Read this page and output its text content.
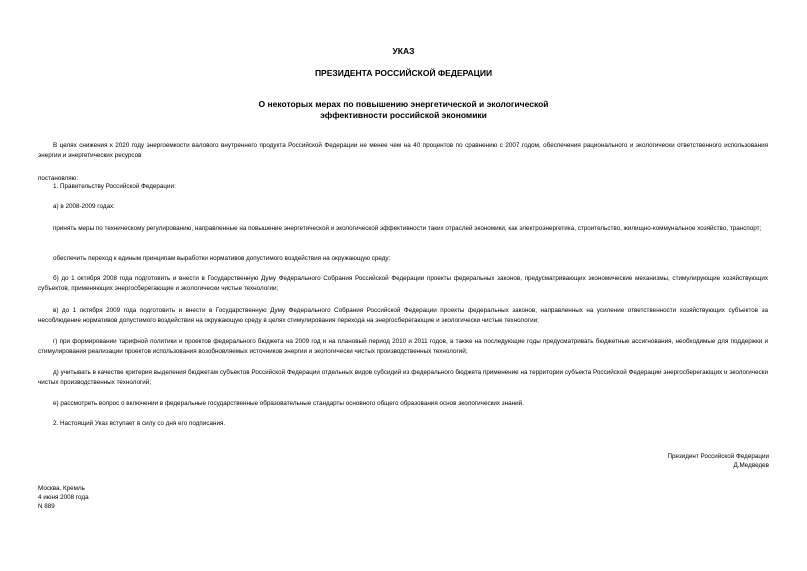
УКАЗ
ПРЕЗИДЕНТА РОССИЙСКОЙ ФЕДЕРАЦИИ
О некоторых мерах по повышению энергетической и экологической
эффективности российской экономики

В целях снижения к 2020 году энергоемкости валового внутреннего продукта Российской Федерации не менее чем на 40 процентов по сравнению с 2007 годом, обеспечения рационального и экологически ответственного использования энергии и энергетических ресурсов

постановляю:
1. Правительству Российской Федерации:
а) в 2008-2009 годах:

принять меры по техническому регулированию, направленные на повышение энергетической и экологической эффективности таких отраслей экономики, как электроэнергетика, строительство, жилищно-коммунальное хозяйство, транспорт;

обеспечить переход к единым принципам выработки нормативов допустимого воздействия на окружающую среду;

б) до 1 октября 2008 года подготовить и внести в Государственную Думу Федерального Собрания Российской Федерации проекты федеральных законов, предусматривающих экономические механизмы, стимулирующие хозяйствующих субъектов, применяющих энергосберегающие и экологически чистые технологии;

в) до 1 октября 2009 года подготовить и внести в Государственную Думу Федерального Собрания Российской Федерации проекты федеральных законов, направленных на усиление ответственности хозяйствующих субъектов за несоблюдение нормативов допустимого воздействия на окружающую среду в целях стимулирования перехода на энергосберегающие и экологически чистые технологии;

г) при формировании тарифной политики и проектов федерального бюджета на 2009 год и на плановый период 2010 и 2011 годов, а также на последующие годы предусматривать бюджетные ассигнования, необходимые для поддержки и стимулирования реализации проектов использования возобновляемых источников энергии и экологически чистых производственных технологий;

д) учитывать в качестве критерия выделения бюджетам субъектов Российской Федерации отдельных видов субсидий из федерального бюджета применение на территории субъекта Российской Федерации энергосберегающих и экологически чистых производственных технологий;

е) рассмотреть вопрос о включении в федеральные государственные образовательные стандарты основного общего образования основ экологических знаний.

2. Настоящий Указ вступает в силу со дня его подписания.

Президент Российской Федерации
Д.Медведев
Москва, Кремль
4 июня 2008 года
N 889
